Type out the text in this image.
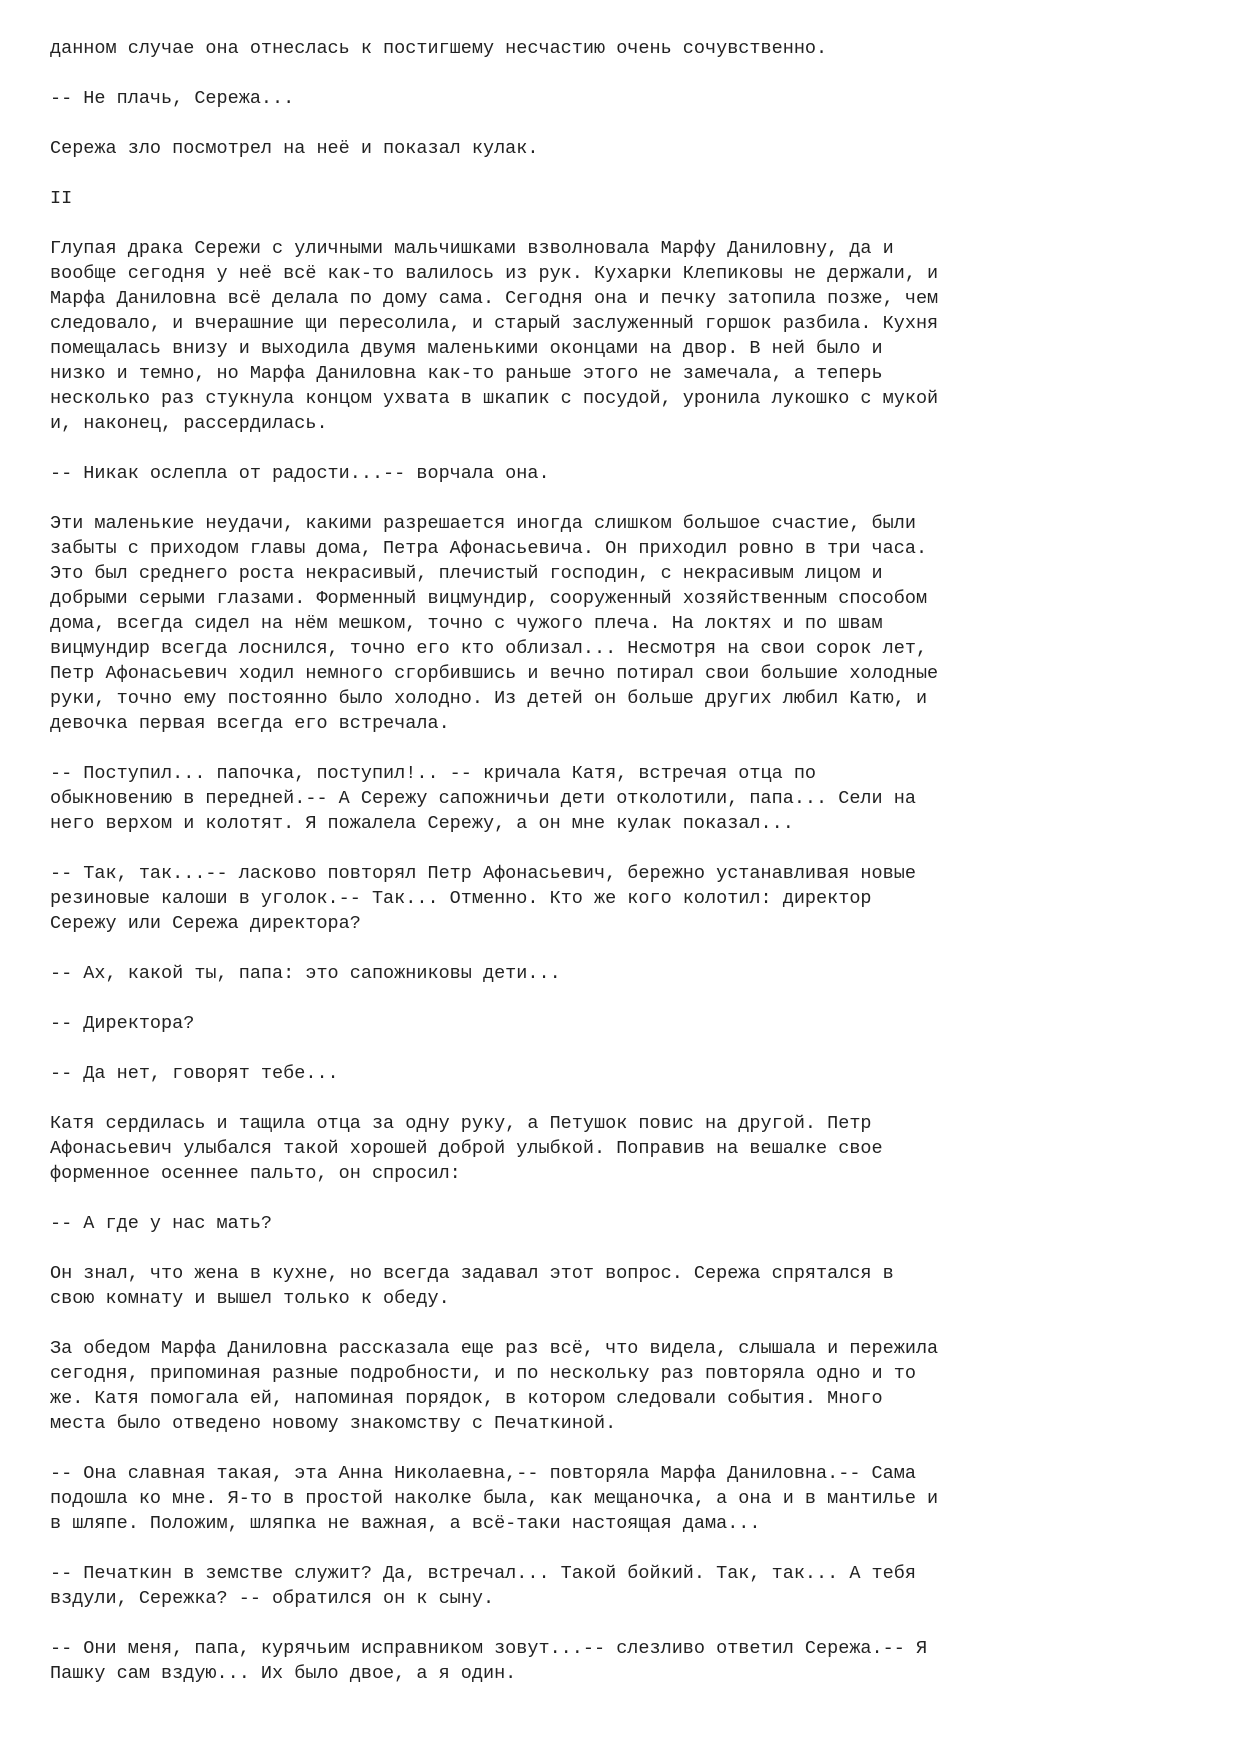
данном случае она отнеслась к постигшему несчастию очень сочувственно.

-- Не плачь, Сережа...

Сережа зло посмотрел на неё и показал кулак.

II

Глупая драка Сережи с уличными мальчишками взволновала Марфу Даниловну, да и
вообще сегодня у неё всё как-то валилось из рук. Кухарки Клепиковы не держали, и
Марфа Даниловна всё делала по дому сама. Сегодня она и печку затопила позже, чем
следовало, и вчерашние щи пересолила, и старый заслуженный горшок разбила. Кухня
помещалась внизу и выходила двумя маленькими оконцами на двор. В ней было и
низко и темно, но Марфа Даниловна как-то раньше этого не замечала, а теперь
несколько раз стукнула концом ухвата в шкапик с посудой, уронила лукошко с мукой
и, наконец, рассердилась.

-- Никак ослепла от радости...-- ворчала она.

Эти маленькие неудачи, какими разрешается иногда слишком большое счастие, были
забыты с приходом главы дома, Петра Афонасьевича. Он приходил ровно в три часа.
Это был среднего роста некрасивый, плечистый господин, с некрасивым лицом и
добрыми серыми глазами. Форменный вицмундир, сооруженный хозяйственным способом
дома, всегда сидел на нём мешком, точно с чужого плеча. На локтях и по швам
вицмундир всегда лоснился, точно его кто облизал... Несмотря на свои сорок лет,
Петр Афонасьевич ходил немного сгорбившись и вечно потирал свои большие холодные
руки, точно ему постоянно было холодно. Из детей он больше других любил Катю, и
девочка первая всегда его встречала.

-- Поступил... папочка, поступил!.. -- кричала Катя, встречая отца по
обыкновению в передней.-- А Сережу сапожничьи дети отколотили, папа... Сели на
него верхом и колотят. Я пожалела Сережу, а он мне кулак показал...

-- Так, так...-- ласково повторял Петр Афонасьевич, бережно устанавливая новые
резиновые калоши в уголок.-- Так... Отменно. Кто же кого колотил: директор
Сережу или Сережа директора?

-- Ах, какой ты, папа: это сапожниковы дети...

-- Директора?

-- Да нет, говорят тебе...

Катя сердилась и тащила отца за одну руку, а Петушок повис на другой. Петр
Афонасьевич улыбался такой хорошей доброй улыбкой. Поправив на вешалке свое
форменное осеннее пальто, он спросил:

-- А где у нас мать?

Он знал, что жена в кухне, но всегда задавал этот вопрос. Сережа спрятался в
свою комнату и вышел только к обеду.

За обедом Марфа Даниловна рассказала еще раз всё, что видела, слышала и пережила
сегодня, припоминая разные подробности, и по нескольку раз повторяла одно и то
же. Катя помогала ей, напоминая порядок, в котором следовали события. Много
места было отведено новому знакомству с Печаткиной.

-- Она славная такая, эта Анна Николаевна,-- повторяла Марфа Даниловна.-- Сама
подошла ко мне. Я-то в простой наколке была, как мещаночка, а она и в мантилье и
в шляпе. Положим, шляпка не важная, а всё-таки настоящая дама...

-- Печаткин в земстве служит? Да, встречал... Такой бойкий. Так, так... А тебя
вздули, Сережка? -- обратился он к сыну.

-- Они меня, папа, курячьим исправником зовут...-- слезливо ответил Сережа.-- Я
Пашку сам вздую... Их было двое, а я один.
